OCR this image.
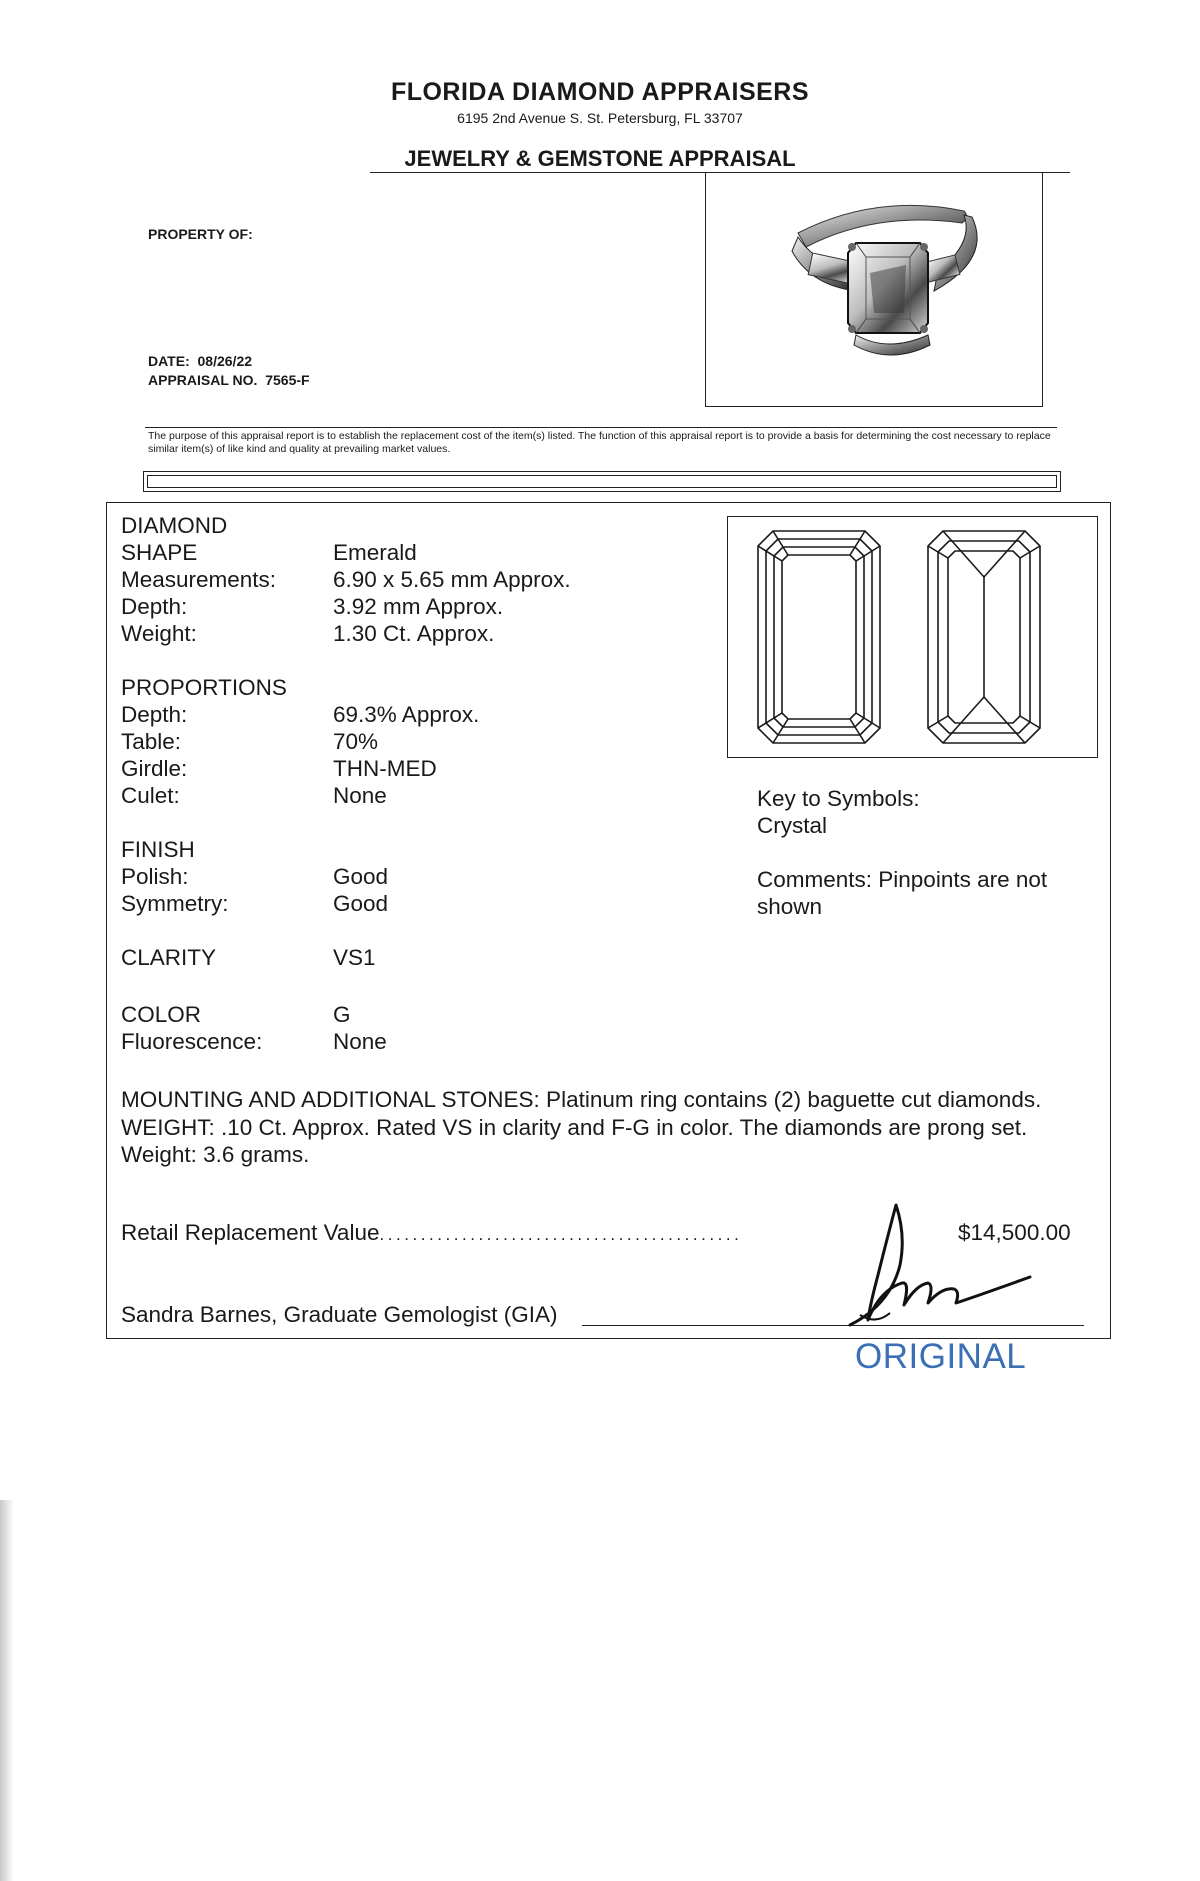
FLORIDA DIAMOND APPRAISERS
6195 2nd Avenue S. St. Petersburg, FL 33707
JEWELRY & GEMSTONE APPRAISAL
PROPERTY OF:
DATE: 08/26/22
APPRAISAL NO. 7565-F
The purpose of this appraisal report is to establish the replacement cost of the item(s) listed. The function of this appraisal report is to provide a basis for determining the cost necessary to replace similar item(s) of like kind and quality at prevailing market values.
DIAMOND
SHAPE	Emerald
Measurements:	6.90 x 5.65 mm Approx.
Depth:	3.92 mm Approx.
Weight:	1.30 Ct. Approx.
PROPORTIONS
Depth:	69.3% Approx.
Table:	70%
Girdle:	THN-MED
Culet:	None
FINISH
Polish:	Good
Symmetry:	Good
CLARITY	VS1
COLOR	G
Fluorescence:	None
Key to Symbols:
Crystal
Comments: Pinpoints are not
shown
MOUNTING AND ADDITIONAL STONES: Platinum ring contains (2) baguette cut diamonds.
WEIGHT: .10 Ct. Approx. Rated VS in clarity and F-G in color. The diamonds are prong set.
Weight: 3.6 grams.
Retail Replacement Value. . . . . . . . . . . . . . . . . . . . . . . . . . . . . . . . . . . . . . . . . . . .	$14,500.00
Sandra Barnes, Graduate Gemologist (GIA)
ORIGINAL
